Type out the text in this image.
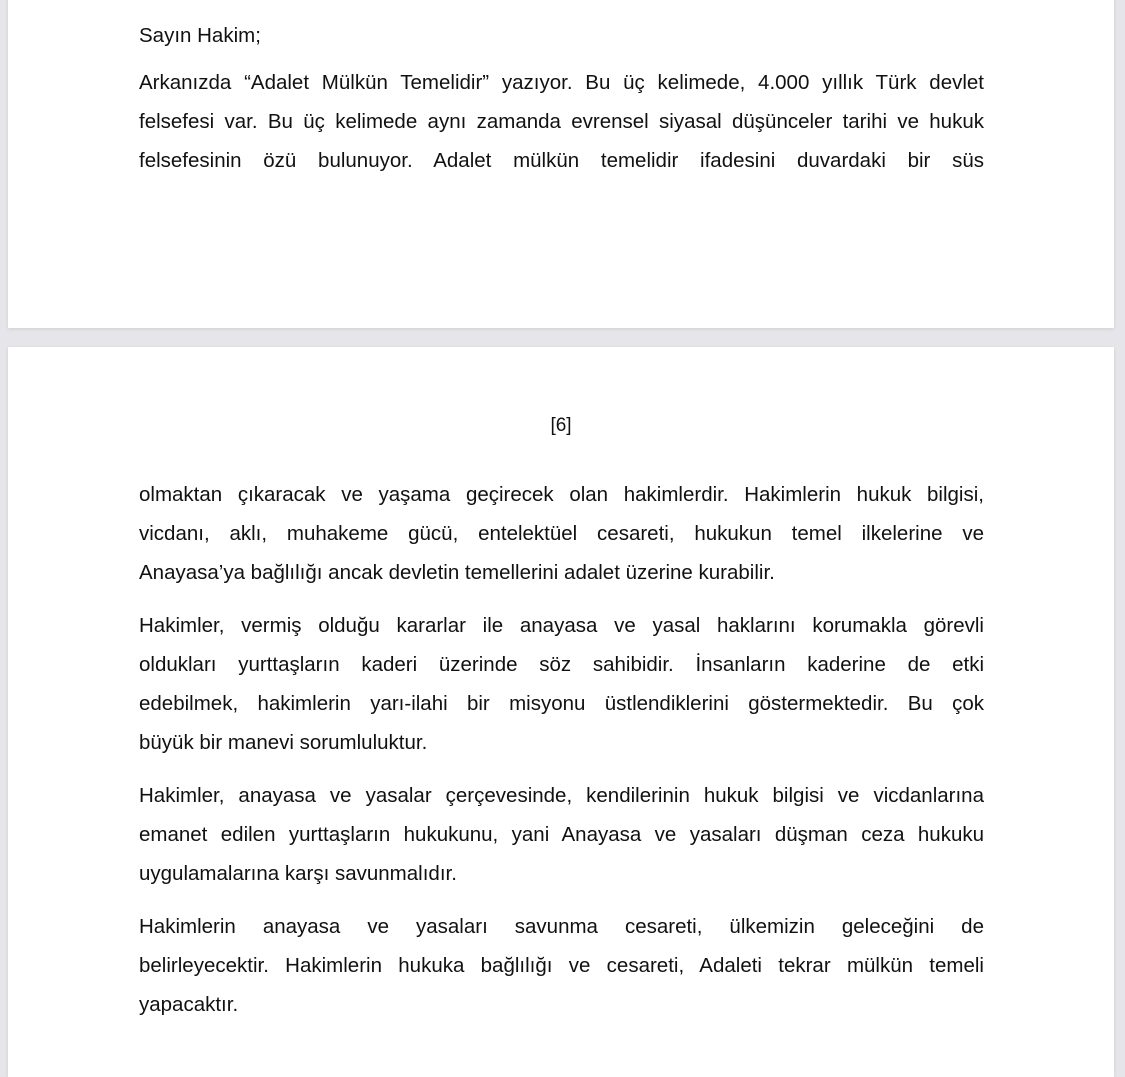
Sayın Hakim;

Arkanızda “Adalet Mülkün Temelidir” yazıyor. Bu üç kelimede, 4.000 yıllık Türk devlet

felsefesi var. Bu üç kelimede aynı zamanda evrensel siyasal düşünceler tarihi ve hukuk

felsefesinin özü bulunuyor. Adalet mülkün temelidir ifadesini duvardaki bir süs

[6]

olmaktan çıkaracak ve yaşama geçirecek olan hakimlerdir. Hakimlerin hukuk bilgisi,

vicdanı, aklı, muhakeme gücü, entelektüel cesareti, hukukun temel ilkelerine ve

Anayasa’ya bağlılığı ancak devletin temellerini adalet üzerine kurabilir.

Hakimler, vermiş olduğu kararlar ile anayasa ve yasal haklarını korumakla görevli

oldukları yurttaşların kaderi üzerinde söz sahibidir. İnsanların kaderine de etki

edebilmek, hakimlerin yarı-ilahi bir misyonu üstlendiklerini göstermektedir. Bu çok

büyük bir manevi sorumluluktur.

Hakimler, anayasa ve yasalar çerçevesinde, kendilerinin hukuk bilgisi ve vicdanlarına

emanet edilen yurttaşların hukukunu, yani Anayasa ve yasaları düşman ceza hukuku

uygulamalarına karşı savunmalıdır.

Hakimlerin anayasa ve yasaları savunma cesareti, ülkemizin geleceğini de

belirleyecektir. Hakimlerin hukuka bağlılığı ve cesareti, Adaleti tekrar mülkün temeli

yapacaktır.
